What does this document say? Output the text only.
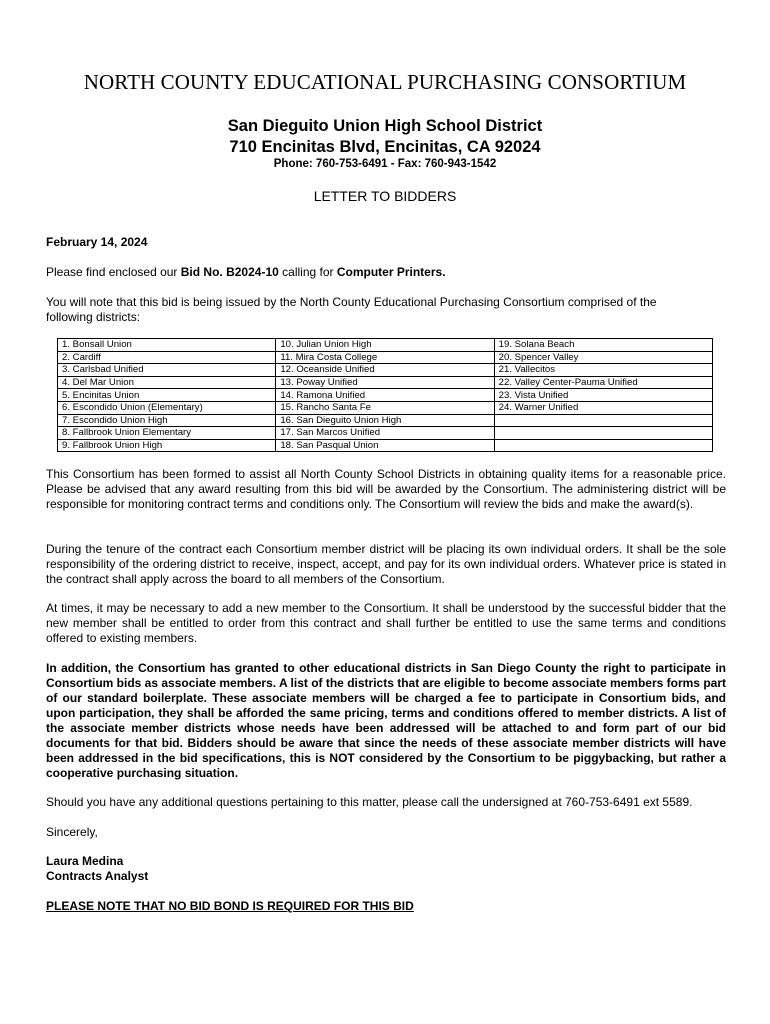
NORTH COUNTY EDUCATIONAL PURCHASING CONSORTIUM
San Dieguito Union High School District
710 Encinitas Blvd, Encinitas, CA 92024
Phone: 760-753-6491 - Fax: 760-943-1542
LETTER TO BIDDERS
February 14, 2024
Please find enclosed our Bid No. B2024-10 calling for Computer Printers.
You will note that this bid is being issued by the North County Educational Purchasing Consortium comprised of the following districts:
1. Bonsall Union	10. Julian Union High	19. Solana Beach
2. Cardiff	11. Mira Costa College	20. Spencer Valley
3. Carlsbad Unified	12. Oceanside Unified	21. Vallecitos
4. Del Mar Union	13. Poway Unified	22. Valley Center-Pauma Unified
5. Encinitas Union	14. Ramona Unified	23. Vista Unified
6. Escondido Union (Elementary)	15. Rancho Santa Fe	24. Warner Unified
7. Escondido Union High	16. San Dieguito Union High	
8. Fallbrook Union Elementary	17. San Marcos Unified	
9. Fallbrook Union High	18. San Pasqual Union	
This Consortium has been formed to assist all North County School Districts in obtaining quality items for a reasonable price. Please be advised that any award resulting from this bid will be awarded by the Consortium. The administering district will be responsible for monitoring contract terms and conditions only. The Consortium will review the bids and make the award(s).
During the tenure of the contract each Consortium member district will be placing its own individual orders. It shall be the sole responsibility of the ordering district to receive, inspect, accept, and pay for its own individual orders. Whatever price is stated in the contract shall apply across the board to all members of the Consortium.
At times, it may be necessary to add a new member to the Consortium. It shall be understood by the successful bidder that the new member shall be entitled to order from this contract and shall further be entitled to use the same terms and conditions offered to existing members.
In addition, the Consortium has granted to other educational districts in San Diego County the right to participate in Consortium bids as associate members. A list of the districts that are eligible to become associate members forms part of our standard boilerplate. These associate members will be charged a fee to participate in Consortium bids, and upon participation, they shall be afforded the same pricing, terms and conditions offered to member districts. A list of the associate member districts whose needs have been addressed will be attached to and form part of our bid documents for that bid. Bidders should be aware that since the needs of these associate member districts will have been addressed in the bid specifications, this is NOT considered by the Consortium to be piggybacking, but rather a cooperative purchasing situation.
Should you have any additional questions pertaining to this matter, please call the undersigned at 760-753-6491 ext 5589.
Sincerely,
Laura Medina
Contracts Analyst
PLEASE NOTE THAT NO BID BOND IS REQUIRED FOR THIS BID
